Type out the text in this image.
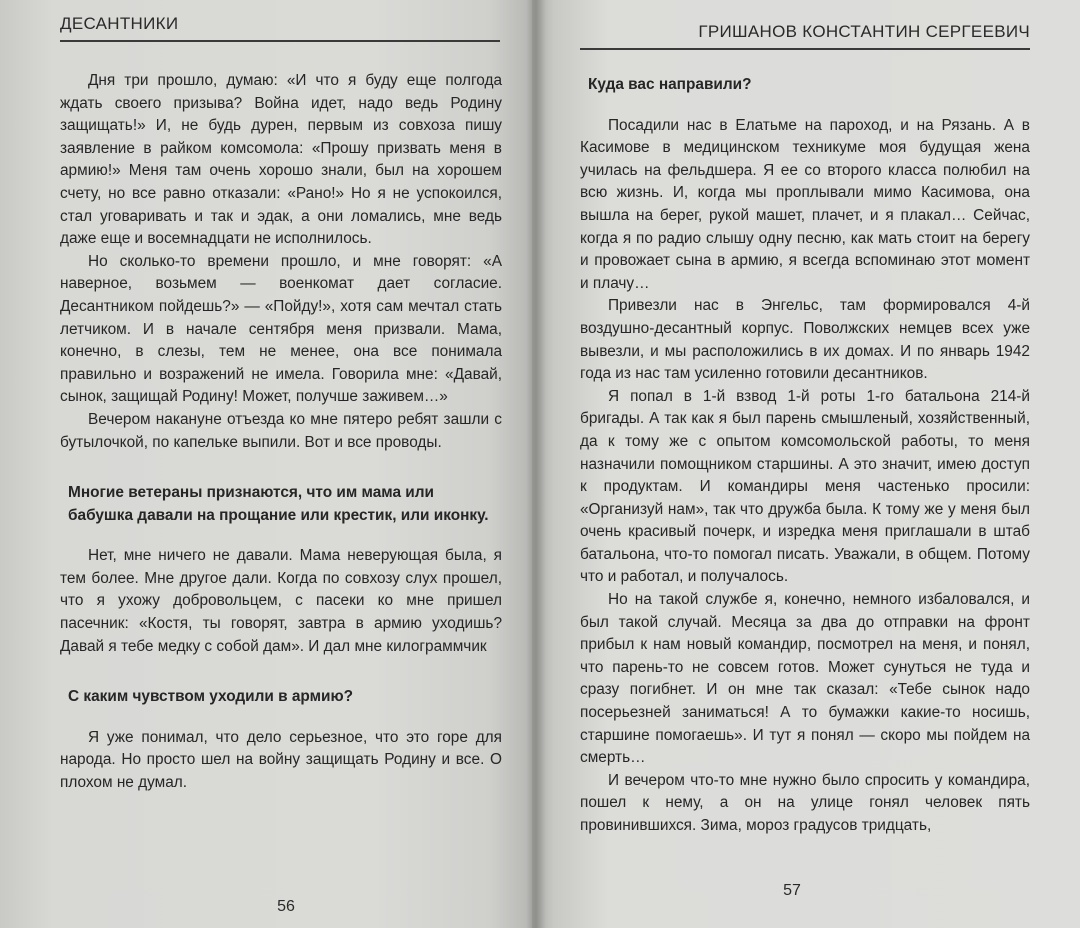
ДЕСАНТНИКИ

Дня три прошло, думаю: «И что я буду еще полгода ждать своего призыва? Война идет, надо ведь Родину защищать!» И, не будь дурен, первым из совхоза пишу заявление в райком комсомола: «Прошу призвать меня в армию!» Меня там очень хорошо знали, был на хорошем счету, но все равно отказали: «Рано!» Но я не успокоился, стал уговаривать и так и эдак, а они ломались, мне ведь даже еще и восемнадцати не исполнилось.

Но сколько-то времени прошло, и мне говорят: «А наверное, возьмем — военкомат дает согласие. Десантником пойдешь?» — «Пойду!», хотя сам мечтал стать летчиком. И в начале сентября меня призвали. Мама, конечно, в слезы, тем не менее, она все понимала правильно и возражений не имела. Говорила мне: «Давай, сынок, защищай Родину! Может, получше заживем…»

Вечером накануне отъезда ко мне пятеро ребят зашли с бутылочкой, по капельке выпили. Вот и все проводы.

Многие ветераны признаются, что им мама или бабушка давали на прощание или крестик, или иконку.

Нет, мне ничего не давали. Мама неверующая была, я тем более. Мне другое дали. Когда по совхозу слух прошел, что я ухожу добровольцем, с пасеки ко мне пришел пасечник: «Костя, ты говорят, завтра в армию уходишь? Давай я тебе медку с собой дам». И дал мне килограммчик

С каким чувством уходили в армию?

Я уже понимал, что дело серьезное, что это горе для народа. Но просто шел на войну защищать Родину и все. О плохом не думал.

56
ГРИШАНОВ КОНСТАНТИН СЕРГЕЕВИЧ

Куда вас направили?

Посадили нас в Елатьме на пароход, и на Рязань. А в Касимове в медицинском техникуме моя будущая жена училась на фельдшера. Я ее со второго класса полюбил на всю жизнь. И, когда мы проплывали мимо Касимова, она вышла на берег, рукой машет, плачет, и я плакал… Сейчас, когда я по радио слышу одну песню, как мать стоит на берегу и провожает сына в армию, я всегда вспоминаю этот момент и плачу…

Привезли нас в Энгельс, там формировался 4-й воздушно-десантный корпус. Поволжских немцев всех уже вывезли, и мы расположились в их домах. И по январь 1942 года из нас там усиленно готовили десантников.

Я попал в 1-й взвод 1-й роты 1-го батальона 214-й бригады. А так как я был парень смышленый, хозяйственный, да к тому же с опытом комсомольской работы, то меня назначили помощником старшины. А это значит, имею доступ к продуктам. И командиры меня частенько просили: «Организуй нам», так что дружба была. К тому же у меня был очень красивый почерк, и изредка меня приглашали в штаб батальона, что-то помогал писать. Уважали, в общем. Потому что и работал, и получалось.

Но на такой службе я, конечно, немного избаловался, и был такой случай. Месяца за два до отправки на фронт прибыл к нам новый командир, посмотрел на меня, и понял, что парень-то не совсем готов. Может сунуться не туда и сразу погибнет. И он мне так сказал: «Тебе сынок надо посерьезней заниматься! А то бумажки какие-то носишь, старшине помогаешь». И тут я понял — скоро мы пойдем на смерть…

И вечером что-то мне нужно было спросить у командира, пошел к нему, а он на улице гонял человек пять провинившихся. Зима, мороз градусов тридцать,

57
